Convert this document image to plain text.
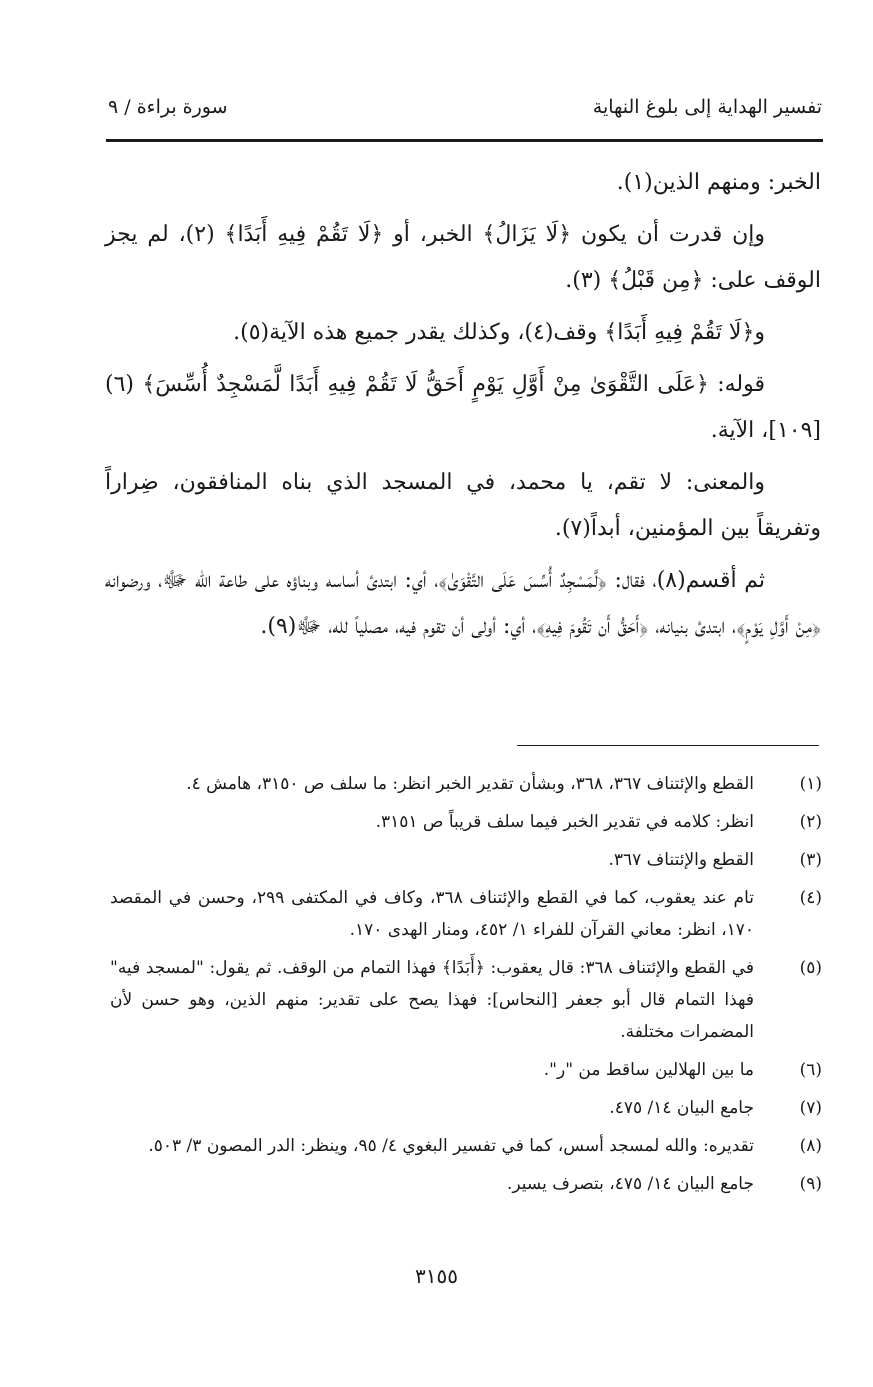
تفسير الهداية إلى بلوغ النهاية
سورة براءة / ٩

الخبر: ومنهم الذين(١).

وإن قدرت أن يكون ﴿لَا يَزَالُ﴾ الخبر، أو ﴿لَا تَقُمْ فِيهِ أَبَدًا﴾ (٢)، لم يجز الوقف على: ﴿مِن قَبْلُ﴾ (٣).

و﴿لَا تَقُمْ فِيهِ أَبَدًا﴾ وقف(٤)، وكذلك يقدر جميع هذه الآية(٥).

قوله: ﴿عَلَى التَّقْوَىٰ مِنْ أَوَّلِ يَوْمٍ أَحَقُّ لَا تَقُمْ فِيهِ أَبَدًا لَّمَسْجِدٌ أُسِّسَ﴾ (٦)[١٠٩]، الآية.

والمعنى: لا تقم، يا محمد، في المسجد الذي بناه المنافقون، ضِراراً وتفريقاً بين المؤمنين، أبداً(٧).

ثم أقسم(٨)، فقال: ﴿لَّمَسْجِدٌ أُسِّسَ عَلَى التَّقْوَىٰ﴾، أي: ابتدئ أساسه وبناؤه على طاعة الله ﷻ، ورضوانه ﴿مِنْ أَوَّلِ يَوْمٍ﴾، ابتدئ بنيانه، ﴿أَحَقُّ أَن تَقُومَ فِيهِ﴾، أي: أولى أن تقوم فيه، مصلياً لله، ﷻ(٩).

(١)
القطع والإئتناف ٣٦٧، ٣٦٨، وبشأن تقدير الخبر انظر: ما سلف ص ٣١٥٠، هامش ٤.
(٢)
انظر: كلامه في تقدير الخبر فيما سلف قريباً ص ٣١٥١.
(٣)
القطع والإئتناف ٣٦٧.
(٤)
تام عند يعقوب، كما في القطع والإئتناف ٣٦٨، وكاف في المكتفى ٢٩٩، وحسن في المقصد ١٧٠، انظر: معاني القرآن للفراء ١/ ٤٥٢، ومنار الهدى ١٧٠.
(٥)
في القطع والإئتناف ٣٦٨: قال يعقوب: ﴿أَبَدًا﴾ فهذا التمام من الوقف. ثم يقول: "لمسجد فيه" فهذا التمام قال أبو جعفر [النحاس]: فهذا يصح على تقدير: منهم الذين، وهو حسن لأن المضمرات مختلفة.
(٦)
ما بين الهلالين ساقط من "ر".
(٧)
جامع البيان ١٤/ ٤٧٥.
(٨)
تقديره: والله لمسجد أسس، كما في تفسير البغوي ٤/ ٩٥، وينظر: الدر المصون ٣/ ٥٠٣.
(٩)
جامع البيان ١٤/ ٤٧٥، بتصرف يسير.
٣١٥٥
